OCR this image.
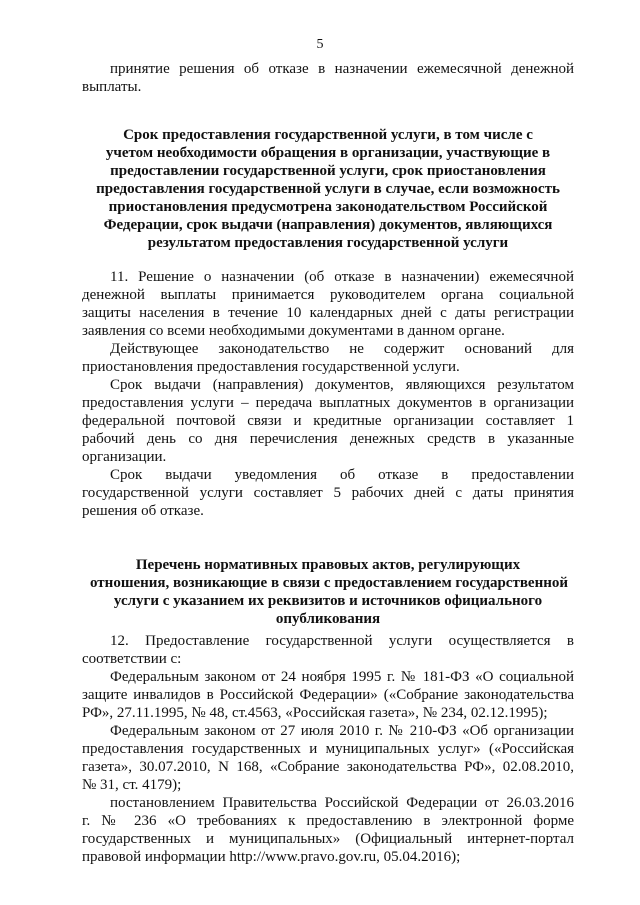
5
принятие решения об отказе в назначении ежемесячной денежной
выплаты.
Срок предоставления государственной услуги, в том числе с
учетом необходимости обращения в организации, участвующие в
предоставлении государственной услуги, срок приостановления
предоставления государственной услуги в случае, если возможность
приостановления предусмотрена законодательством Российской
Федерации, срок выдачи (направления) документов, являющихся
результатом предоставления государственной услуги
11. Решение о назначении (об отказе в назначении) ежемесячной
денежной выплаты принимается руководителем органа социальной
защиты населения в течение 10 календарных дней с даты регистрации
заявления со всеми необходимыми документами в данном органе.
Действующее законодательство не содержит оснований для
приостановления предоставления государственной услуги.
Срок выдачи (направления) документов, являющихся результатом
предоставления услуги – передача выплатных документов в организации
федеральной почтовой связи и кредитные организации составляет 1
рабочий день со дня перечисления денежных средств в указанные
организации.
Срок выдачи уведомления об отказе в предоставлении
государственной услуги составляет 5 рабочих дней с даты принятия
решения об отказе.
Перечень нормативных правовых актов, регулирующих
отношения, возникающие в связи с предоставлением государственной
услуги с указанием их реквизитов и источников официального
опубликования
12. Предоставление государственной услуги осуществляется в
соответствии с:
Федеральным законом от 24 ноября 1995 г. № 181-ФЗ «О социальной
защите инвалидов в Российской Федерации» («Собрание законодательства
РФ», 27.11.1995, № 48, ст.4563, «Российская газета», № 234, 02.12.1995);
Федеральным законом от 27 июля 2010 г. № 210-ФЗ «Об организации
предоставления государственных и муниципальных услуг» («Российская
газета», 30.07.2010, N 168, «Собрание законодательства РФ», 02.08.2010,
№ 31, ст. 4179);
постановлением Правительства Российской Федерации от 26.03.2016
г. № 236 «О требованиях к предоставлению в электронной форме
государственных и муниципальных» (Официальный интернет-портал
правовой информации http://www.pravo.gov.ru, 05.04.2016);
